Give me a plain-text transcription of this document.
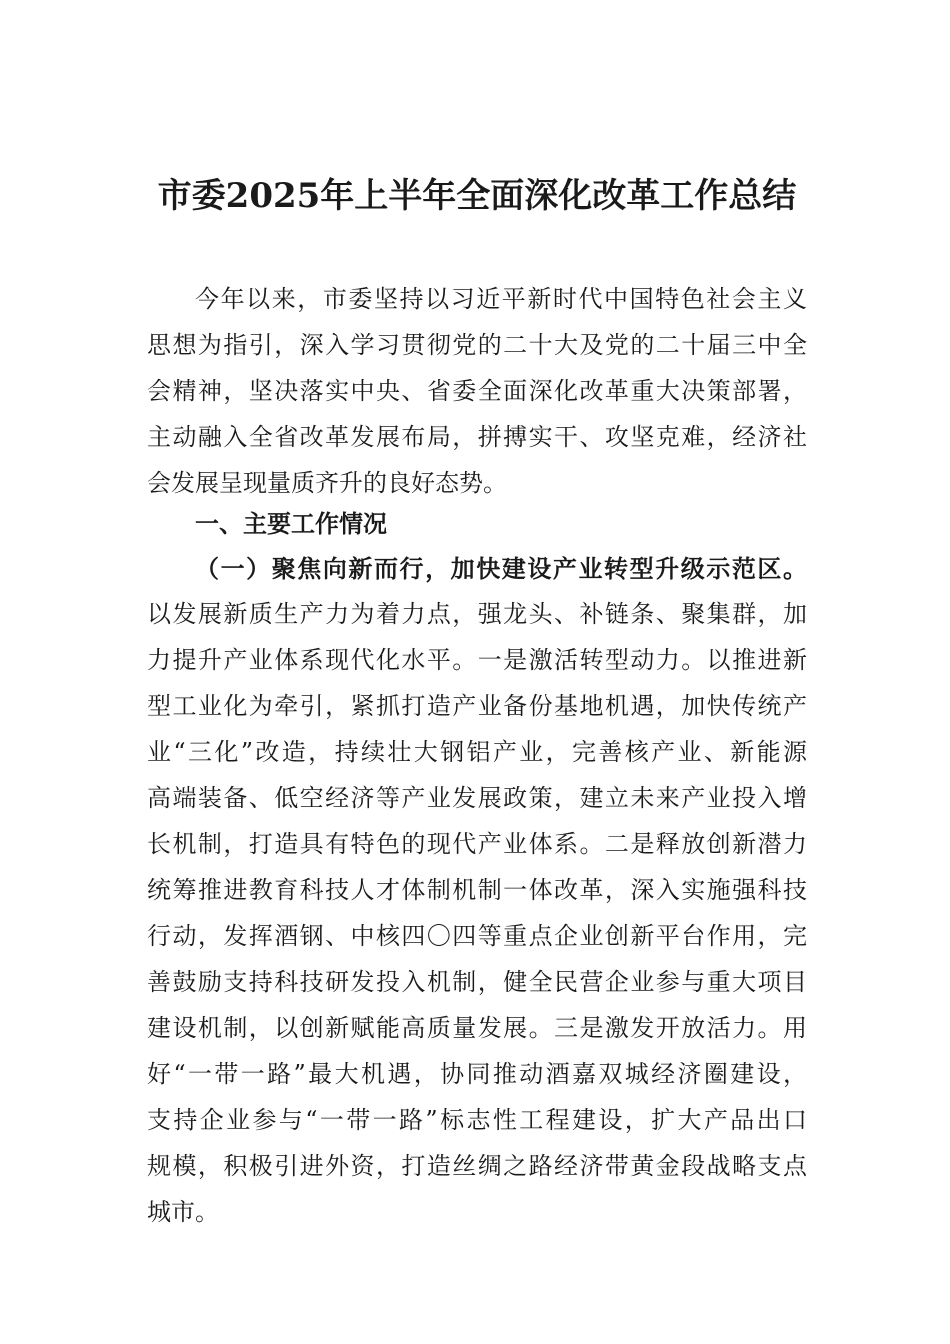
市委2025年上半年全面深化改革工作总结
今年以来，市委坚持以习近平新时代中国特色社会主义
思想为指引，深入学习贯彻党的二十大及党的二十届三中全
会精神，坚决落实中央、省委全面深化改革重大决策部署，
主动融入全省改革发展布局，拼搏实干、攻坚克难，经济社
会发展呈现量质齐升的良好态势。
一、主要工作情况
（一）聚焦向新而行，加快建设产业转型升级示范区。
以发展新质生产力为着力点，强龙头、补链条、聚集群，加
力提升产业体系现代化水平。一是激活转型动力。以推进新
型工业化为牵引，紧抓打造产业备份基地机遇，加快传统产
业“三化”改造，持续壮大钢铝产业，完善核产业、新能源
高端装备、低空经济等产业发展政策，建立未来产业投入增
长机制，打造具有特色的现代产业体系。二是释放创新潜力
统筹推进教育科技人才体制机制一体改革，深入实施强科技
行动，发挥酒钢、中核四〇四等重点企业创新平台作用，完
善鼓励支持科技研发投入机制，健全民营企业参与重大项目
建设机制，以创新赋能高质量发展。三是激发开放活力。用
好“一带一路”最大机遇，协同推动酒嘉双城经济圈建设，
支持企业参与“一带一路”标志性工程建设，扩大产品出口
规模，积极引进外资，打造丝绸之路经济带黄金段战略支点
城市。
